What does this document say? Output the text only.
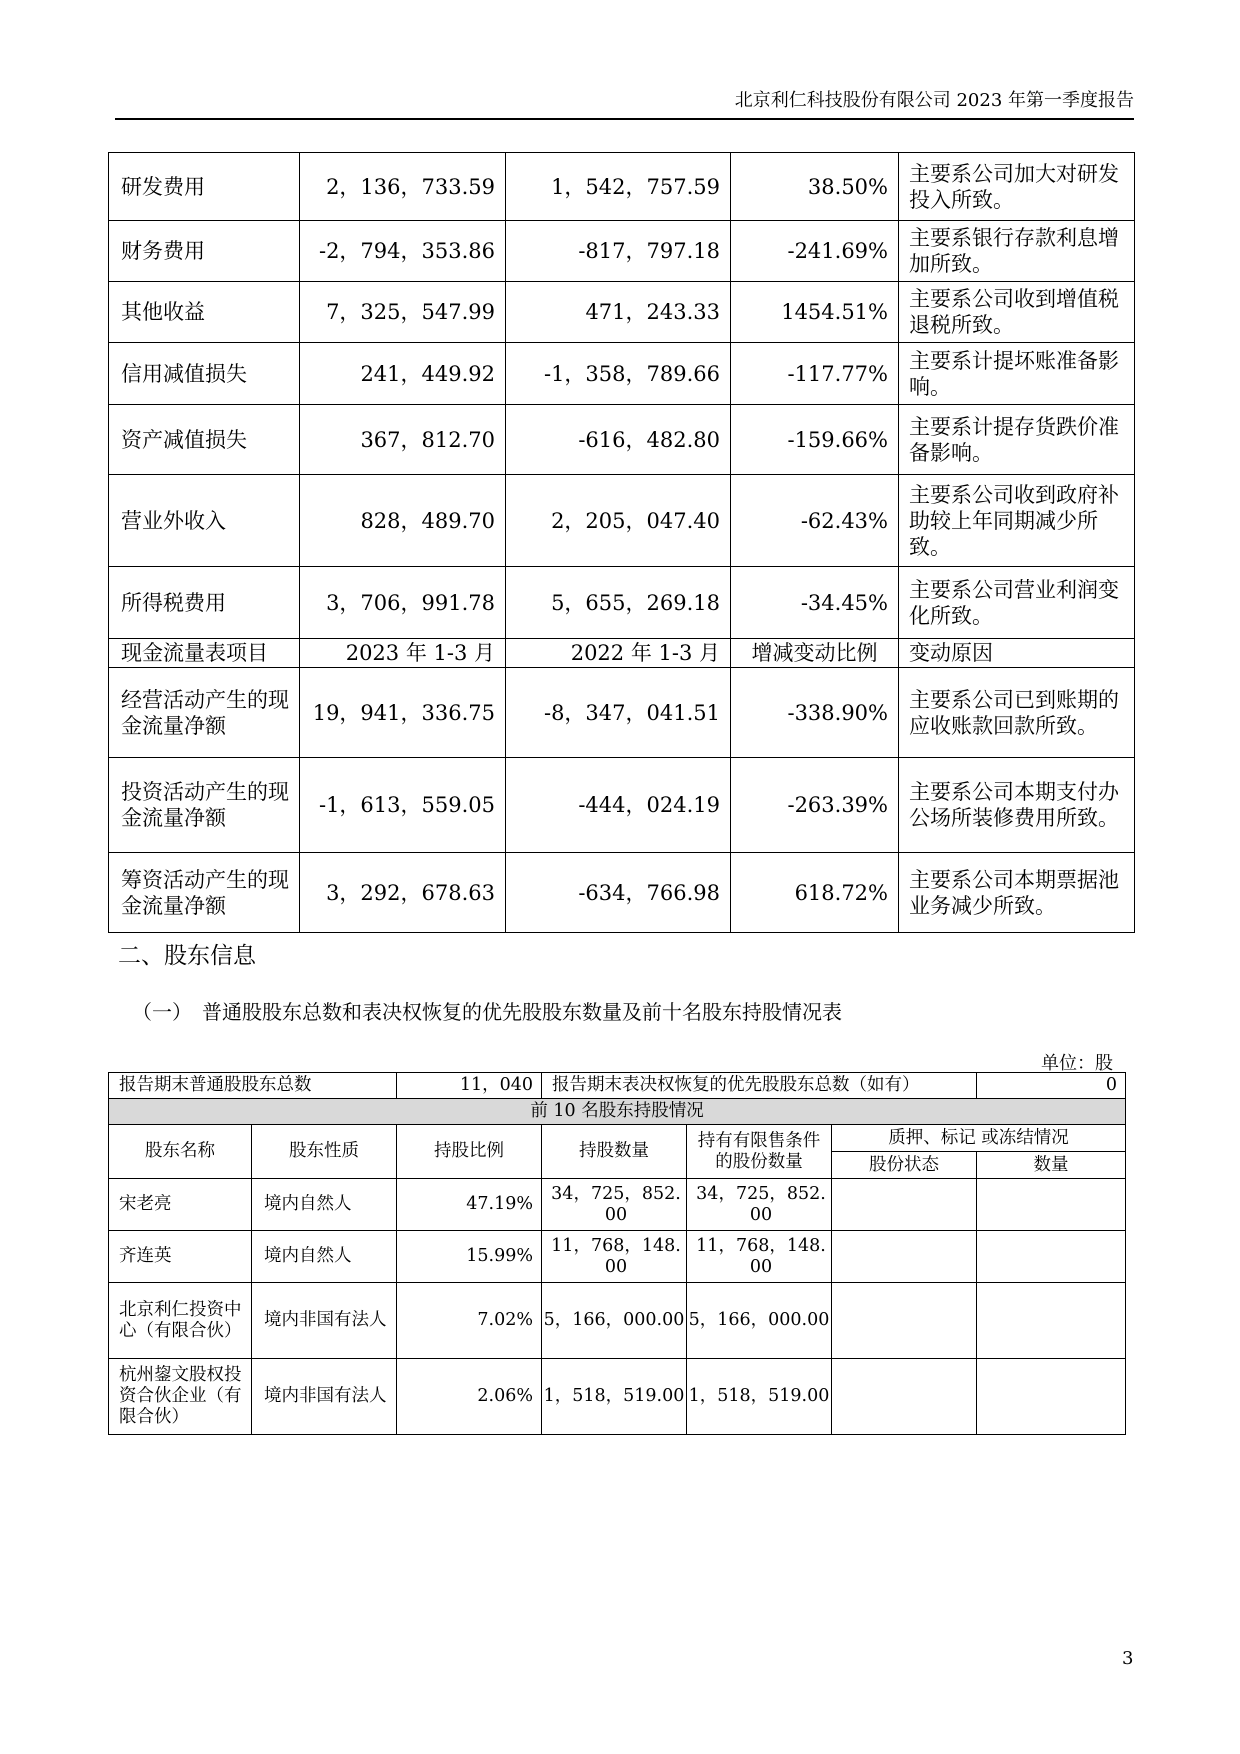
北京利仁科技股份有限公司 2023 年第一季度报告
研发费用	2，136，733.59	1，542，757.59	38.50%	主要系公司加大对研发投入所致。
财务费用	-2，794，353.86	-817，797.18	-241.69%	主要系银行存款利息增加所致。
其他收益	7，325，547.99	471，243.33	1454.51%	主要系公司收到增值税退税所致。
信用减值损失	241，449.92	-1，358，789.66	-117.77%	主要系计提坏账准备影响。
资产减值损失	367，812.70	-616，482.80	-159.66%	主要系计提存货跌价准备影响。
营业外收入	828，489.70	2，205，047.40	-62.43%	主要系公司收到政府补助较上年同期减少所致。
所得税费用	3，706，991.78	5，655，269.18	-34.45%	主要系公司营业利润变化所致。
现金流量表项目	2023 年 1-3 月	2022 年 1-3 月	增减变动比例	变动原因
经营活动产生的现金流量净额	19，941，336.75	-8，347，041.51	-338.90%	主要系公司已到账期的应收账款回款所致。
投资活动产生的现金流量净额	-1，613，559.05	-444，024.19	-263.39%	主要系公司本期支付办公场所装修费用所致。
筹资活动产生的现金流量净额	3，292，678.63	-634，766.98	618.72%	主要系公司本期票据池业务减少所致。
二、股东信息
（一）　普通股股东总数和表决权恢复的优先股股东数量及前十名股东持股情况表
单位：股
报告期末普通股股东总数		11，040	报告期末表决权恢复的优先股股东总数（如有）			0
前 10 名股东持股情况						
股东名称	股东性质	持股比例	持股数量	持有有限售条件的股份数量	质押、标记 或冻结情况	
					股份状态	数量
宋老亮	境内自然人	47.19%	34，725，852.00	34，725，852.00		
齐连英	境内自然人	15.99%	11，768，148.00	11，768，148.00		
北京利仁投资中心（有限合伙）	境内非国有法人	7.02%	5，166，000.00	5，166，000.00		
杭州鋆文股权投资合伙企业（有限合伙）	境内非国有法人	2.06%	1，518，519.00	1，518，519.00		
3
